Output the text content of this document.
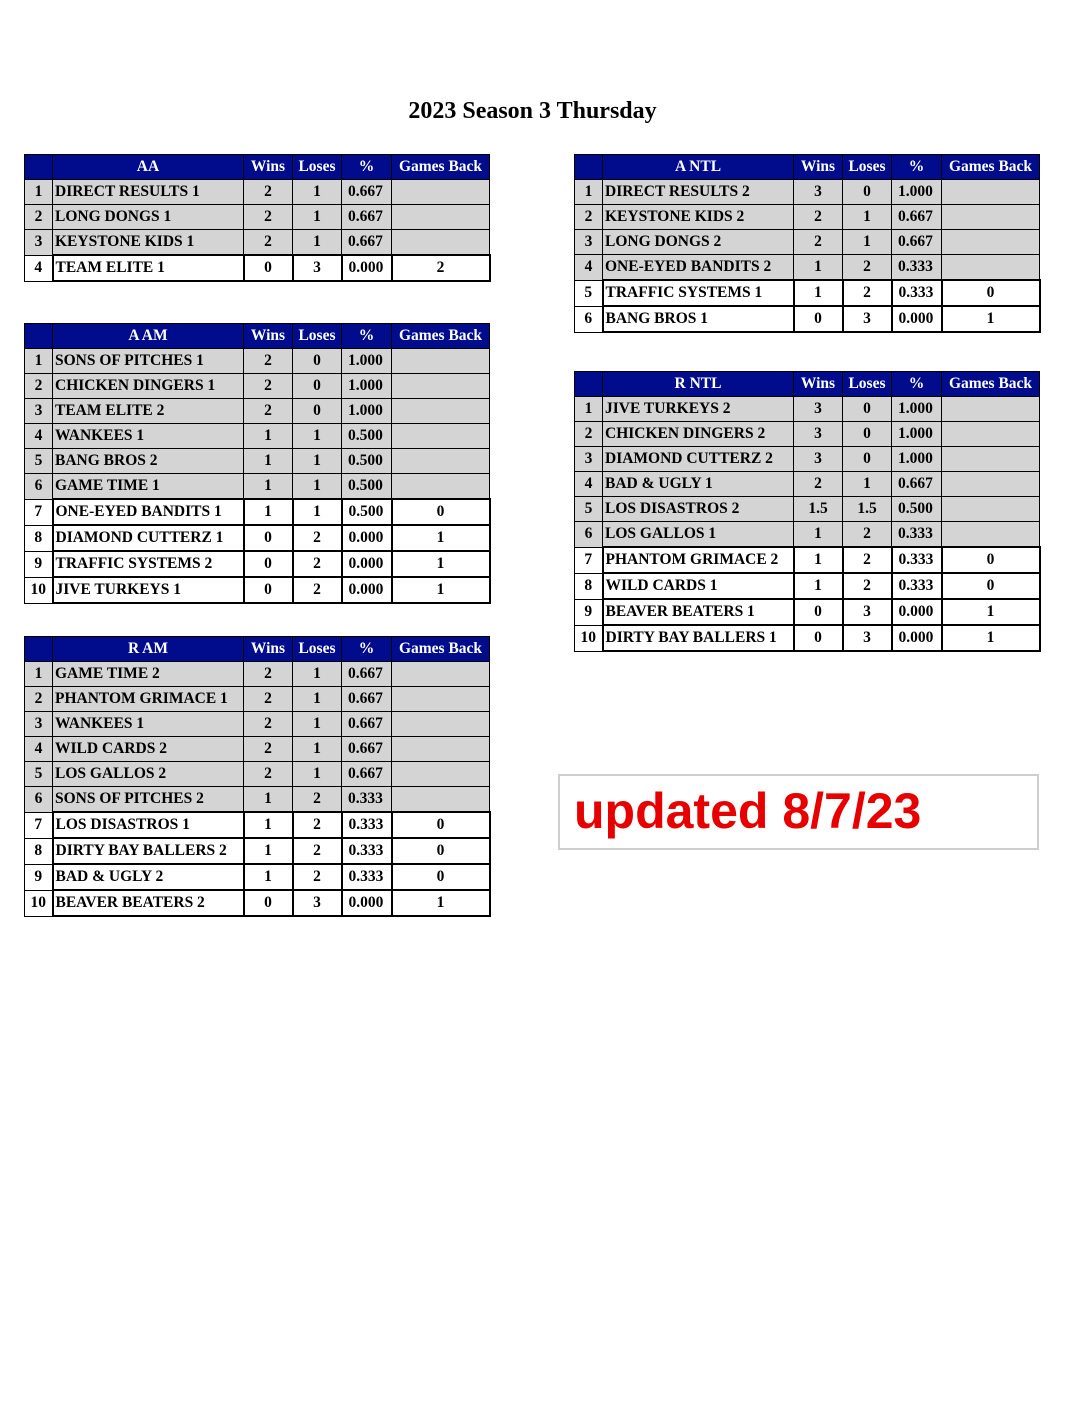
2023 Season 3 Thursday
	AA	Wins	Loses	%	Games Back
1	DIRECT RESULTS 1	2	1	0.667	
2	LONG DONGS 1	2	1	0.667	
3	KEYSTONE KIDS 1	2	1	0.667	
4	TEAM ELITE 1	0	3	0.000	2
	A NTL	Wins	Loses	%	Games Back
1	DIRECT RESULTS 2	3	0	1.000	
2	KEYSTONE KIDS 2	2	1	0.667	
3	LONG DONGS 2	2	1	0.667	
4	ONE-EYED BANDITS 2	1	2	0.333	
5	TRAFFIC SYSTEMS 1	1	2	0.333	0
6	BANG BROS 1	0	3	0.000	1
	A AM	Wins	Loses	%	Games Back
1	SONS OF PITCHES 1	2	0	1.000	
2	CHICKEN DINGERS 1	2	0	1.000	
3	TEAM ELITE 2	2	0	1.000	
4	WANKEES 1	1	1	0.500	
5	BANG BROS 2	1	1	0.500	
6	GAME TIME 1	1	1	0.500	
7	ONE-EYED BANDITS 1	1	1	0.500	0
8	DIAMOND CUTTERZ 1	0	2	0.000	1
9	TRAFFIC SYSTEMS 2	0	2	0.000	1
10	JIVE TURKEYS 1	0	2	0.000	1
	R NTL	Wins	Loses	%	Games Back
1	JIVE TURKEYS 2	3	0	1.000	
2	CHICKEN DINGERS 2	3	0	1.000	
3	DIAMOND CUTTERZ 2	3	0	1.000	
4	BAD & UGLY 1	2	1	0.667	
5	LOS DISASTROS 2	1.5	1.5	0.500	
6	LOS GALLOS 1	1	2	0.333	
7	PHANTOM GRIMACE 2	1	2	0.333	0
8	WILD CARDS 1	1	2	0.333	0
9	BEAVER BEATERS 1	0	3	0.000	1
10	DIRTY BAY BALLERS 1	0	3	0.000	1
	R AM	Wins	Loses	%	Games Back
1	GAME TIME 2	2	1	0.667	
2	PHANTOM GRIMACE 1	2	1	0.667	
3	WANKEES 1	2	1	0.667	
4	WILD CARDS 2	2	1	0.667	
5	LOS GALLOS 2	2	1	0.667	
6	SONS OF PITCHES 2	1	2	0.333	
7	LOS DISASTROS 1	1	2	0.333	0
8	DIRTY BAY BALLERS 2	1	2	0.333	0
9	BAD & UGLY 2	1	2	0.333	0
10	BEAVER BEATERS 2	0	3	0.000	1
updated 8/7/23
